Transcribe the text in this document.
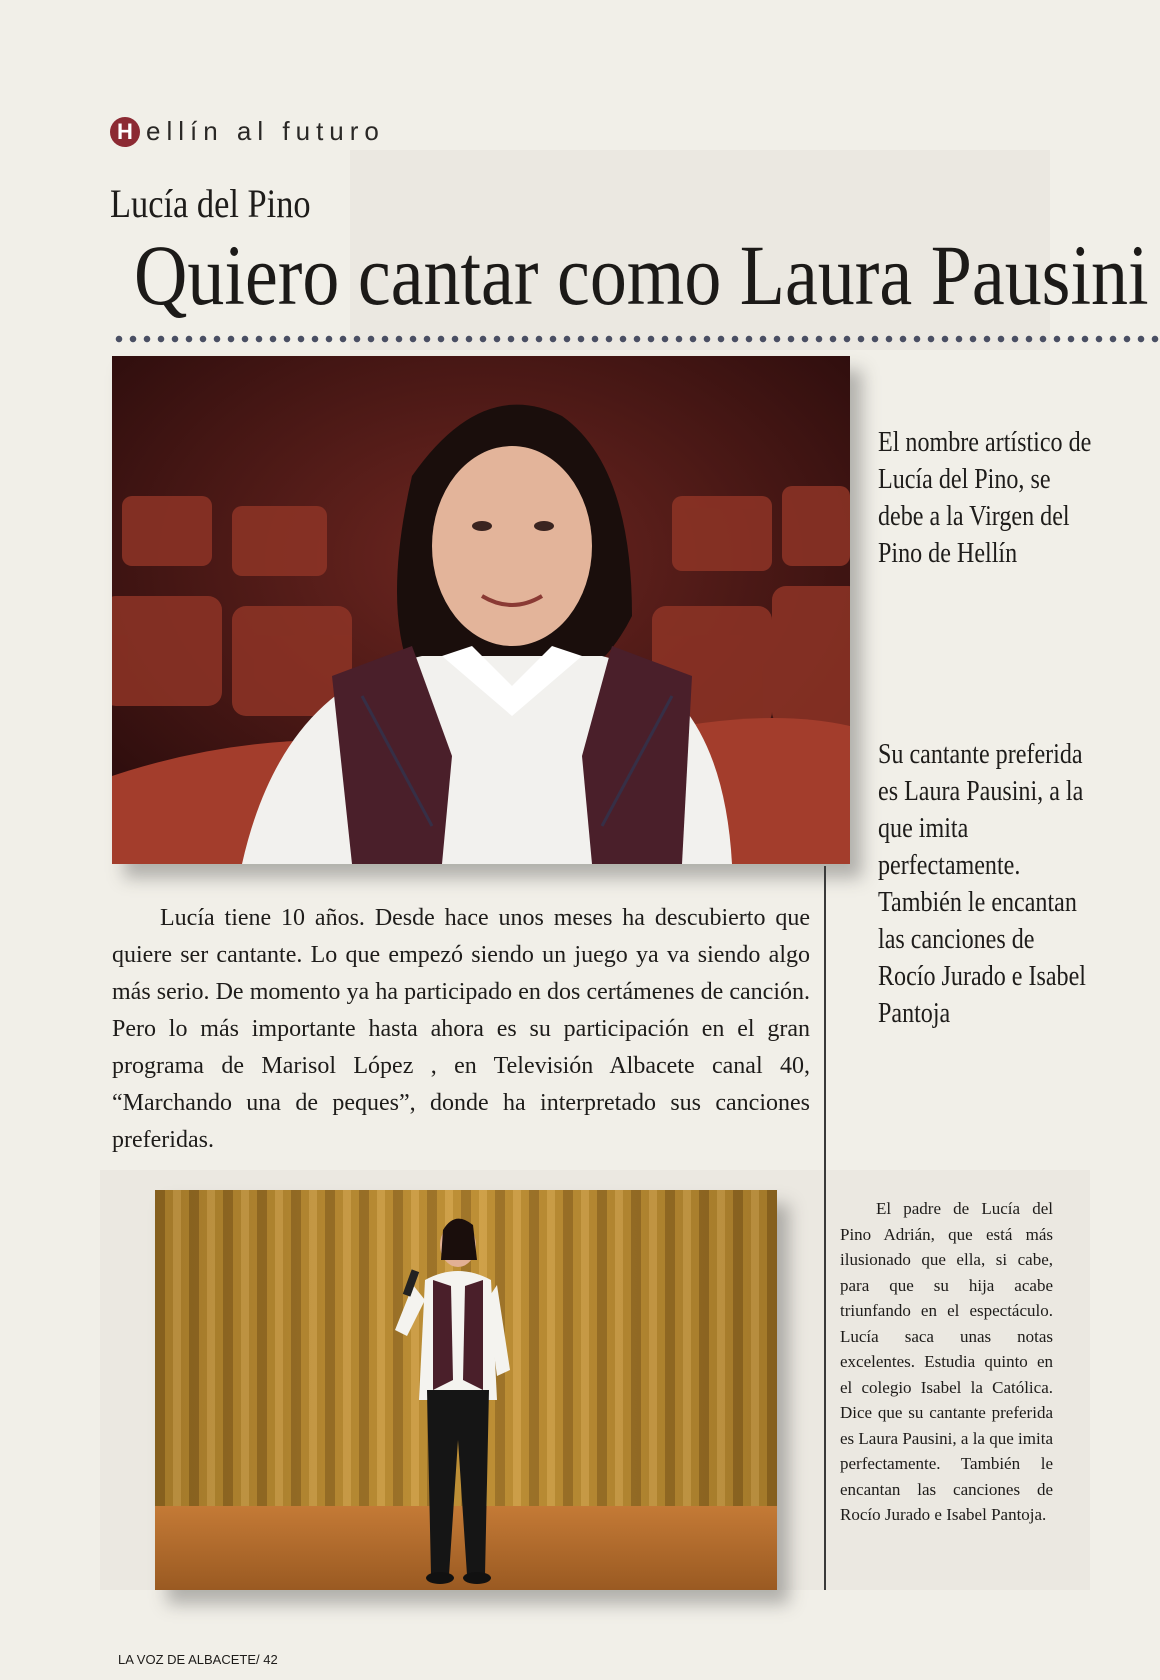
H ellín al futuro
Lucía del Pino
Quiero cantar como Laura Pausini
El nombre artístico de Lucía del Pino, se debe a la Virgen del Pino de Hellín
Su cantante preferida es Laura Pausini, a la que imita perfectamente. También le encantan las canciones de Rocío Jurado e Isabel Pantoja

Lucía tiene 10 años. Desde hace unos meses ha descubierto que quiere ser cantante. Lo que empezó siendo un juego ya va siendo algo más serio. De momento ya ha participado en dos certámenes de canción. Pero lo más importante hasta ahora es su participación en el gran programa de Marisol López , en Televisión Albacete canal 40, “Marchando una de peques”, donde ha interpretado sus canciones preferidas.

El padre de Lucía del Pino Adrián, que está más ilusionado que ella, si cabe, para que su hija acabe triunfando en el espectáculo. Lucía saca unas notas excelentes. Estudia quinto en el colegio Isabel la Católica. Dice que su cantante preferida es Laura Pausini, a la que imita perfectamente. También le encantan las canciones de Rocío Jurado e Isabel Pantoja.

LA VOZ DE ALBACETE/ 42
